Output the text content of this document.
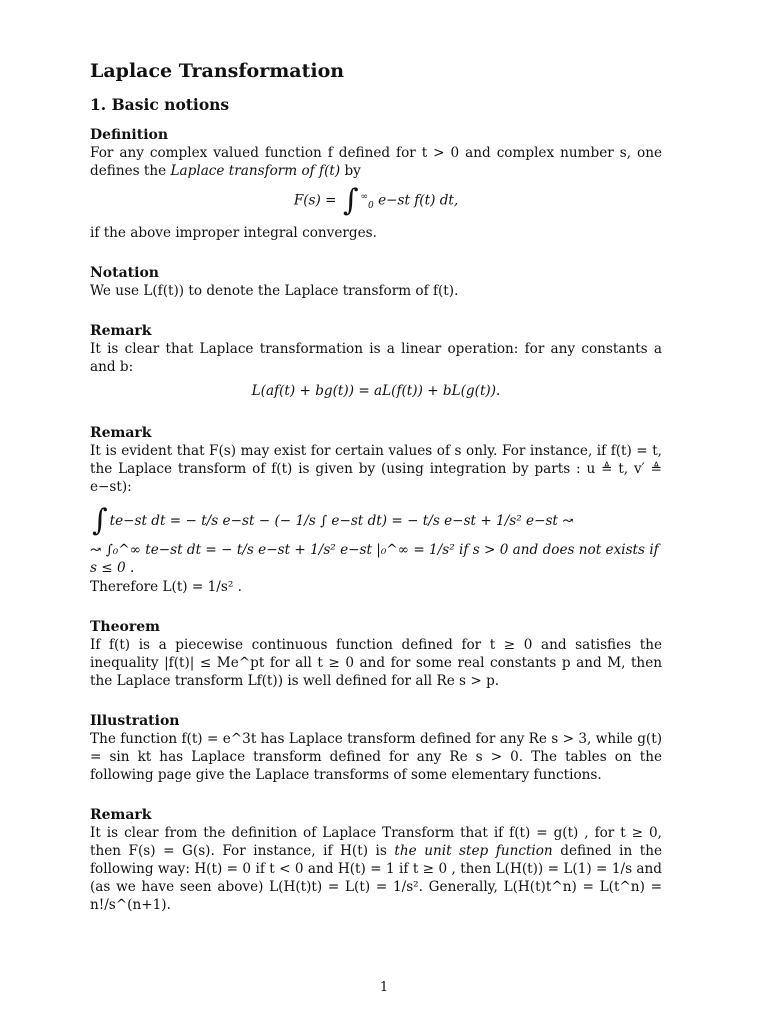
Laplace Transformation
1. Basic notions
Definition
For any complex valued function f defined for t > 0 and complex number s, one defines the Laplace transform of f(t) by
F(s) = ∫ ∞$_0$ e−st f(t) dt,
if the above improper integral converges.
Notation
We use L(f(t)) to denote the Laplace transform of f(t).
Remark
It is clear that Laplace transformation is a linear operation: for any constants a and b:
L(af(t) + bg(t)) = aL(f(t)) + bL(g(t)).
Remark
It is evident that F(s) may exist for certain values of s only. For instance, if f(t) = t, the Laplace transform of f(t) is given by (using integration by parts : u ≜ t, v′ ≜ e−st):
∫ te−st dt = − t/s e−st − (− 1/s ∫ e−st dt) = − t/s e−st + 1/s² e−st ↝
↝ ∫₀^∞ te−st dt = − t/s e−st + 1/s² e−st |₀^∞ = 1/s² if s > 0 and does not exists if s ≤ 0 .
Therefore L(t) = 1/s² .
Theorem
If f(t) is a piecewise continuous function defined for t ≥ 0 and satisfies the inequality |f(t)| ≤ Me^pt for all t ≥ 0 and for some real constants p and M, then the Laplace transform Lf(t)) is well defined for all Re s > p.
Illustration
The function f(t) = e^3t has Laplace transform defined for any Re s > 3, while g(t) = sin kt has Laplace transform defined for any Re s > 0. The tables on the following page give the Laplace transforms of some elementary functions.
Remark
It is clear from the definition of Laplace Transform that if f(t) = g(t) , for t ≥ 0, then F(s) = G(s). For instance, if H(t) is the unit step function defined in the following way: H(t) = 0 if t < 0 and H(t) = 1 if t ≥ 0 , then L(H(t)) = L(1) = 1/s and (as we have seen above) L(H(t)t) = L(t) = 1/s². Generally, L(H(t)t^n) = L(t^n) = n!/s^(n+1).
1
